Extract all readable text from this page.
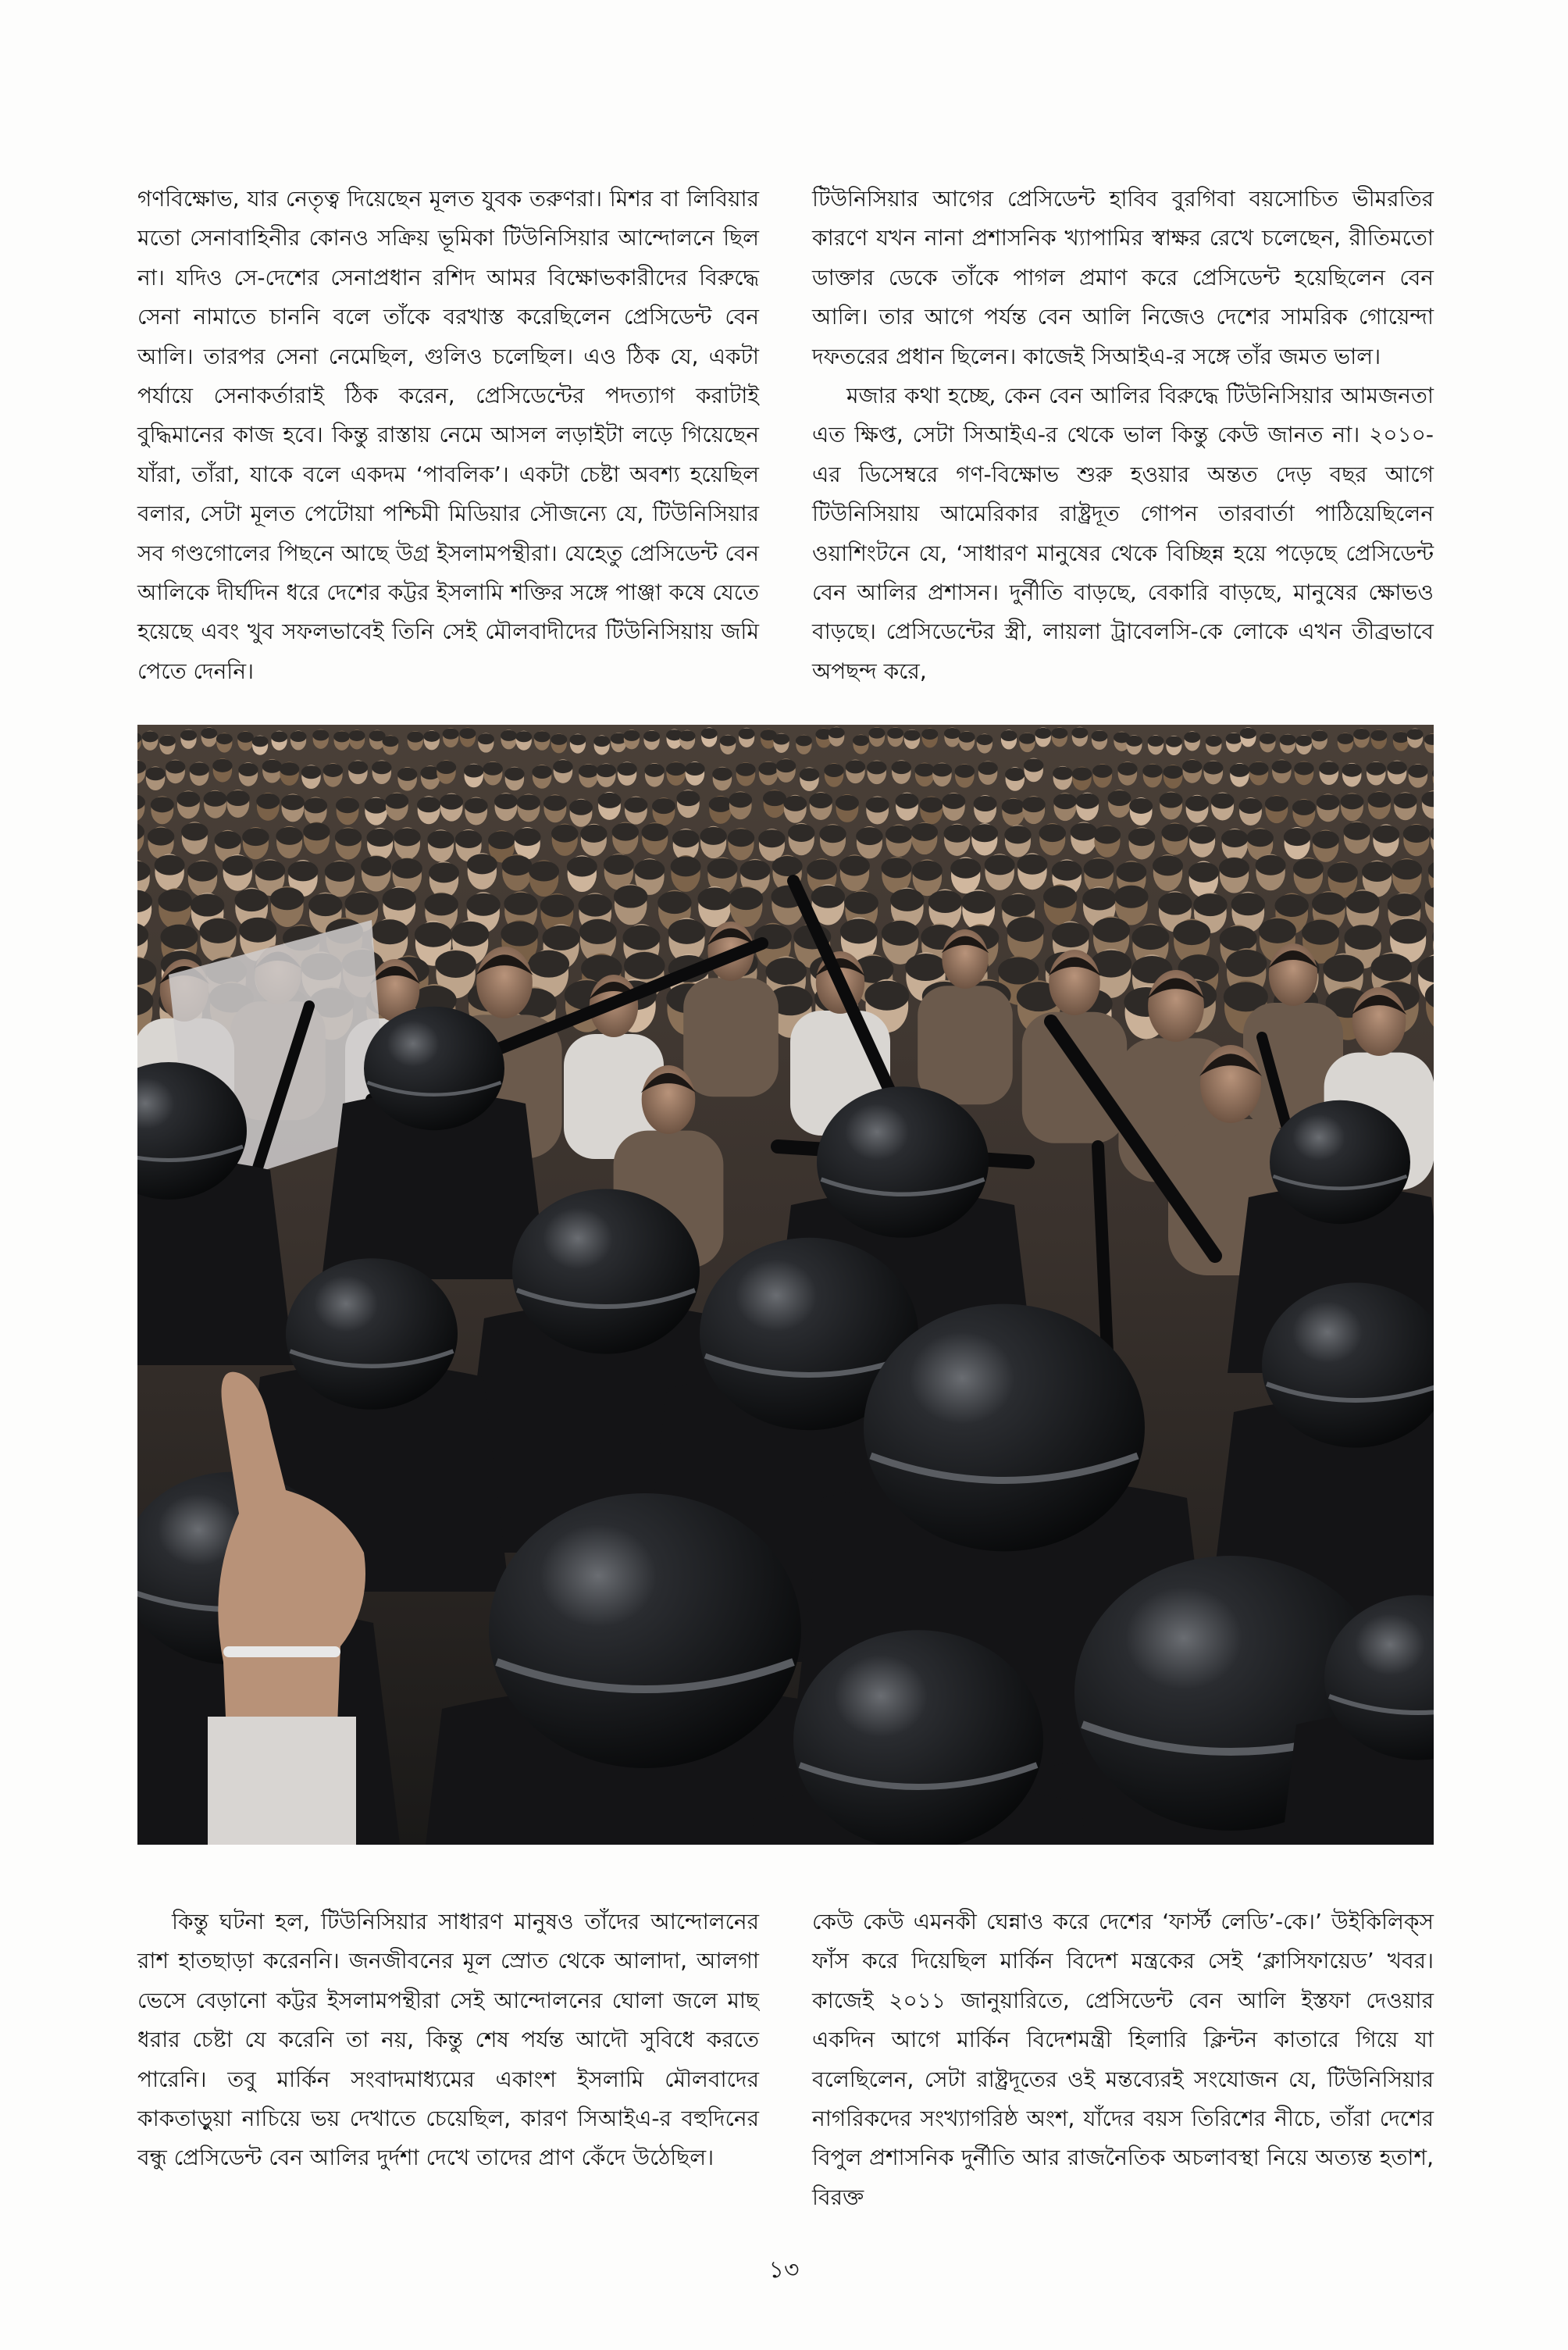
গণবিক্ষোভ, যার নেতৃত্ব দিয়েছেন মূলত যুবক তরুণরা। মিশর বা লিবিয়ার মতো সেনাবাহিনীর কোনও সক্রিয় ভূমিকা টিউনিসিয়ার আন্দোলনে ছিল না। যদিও সে-দেশের সেনাপ্রধান রশিদ আমর বিক্ষোভকারীদের বিরুদ্ধে সেনা নামাতে চাননি বলে তাঁকে বরখাস্ত করেছিলেন প্রেসিডেন্ট বেন আলি। তারপর সেনা নেমেছিল, গুলিও চলেছিল। এও ঠিক যে, একটা পর্যায়ে সেনাকর্তারাই ঠিক করেন, প্রেসিডেন্টের পদত্যাগ করাটাই বুদ্ধিমানের কাজ হবে। কিন্তু রাস্তায় নেমে আসল লড়াইটা লড়ে গিয়েছেন যাঁরা, তাঁরা, যাকে বলে একদম ‘পাবলিক’। একটা চেষ্টা অবশ্য হয়েছিল বলার, সেটা মূলত পেটোয়া পশ্চিমী মিডিয়ার সৌজন্যে যে, টিউনিসিয়ার সব গণ্ডগোলের পিছনে আছে উগ্র ইসলামপন্থীরা। যেহেতু প্রেসিডেন্ট বেন আলিকে দীর্ঘদিন ধরে দেশের কট্টর ইসলামি শক্তির সঙ্গে পাঞ্জা কষে যেতে হয়েছে এবং খুব সফলভাবেই তিনি সেই মৌলবাদীদের টিউনিসিয়ায় জমি পেতে দেননি।

টিউনিসিয়ার আগের প্রেসিডেন্ট হাবিব বুরগিবা বয়সোচিত ভীমরতির কারণে যখন নানা প্রশাসনিক খ্যাপামির স্বাক্ষর রেখে চলেছেন, রীতিমতো ডাক্তার ডেকে তাঁকে পাগল প্রমাণ করে প্রেসিডেন্ট হয়েছিলেন বেন আলি। তার আগে পর্যন্ত বেন আলি নিজেও দেশের সামরিক গোয়েন্দা দফতরের প্রধান ছিলেন। কাজেই সিআইএ-র সঙ্গে তাঁর জমত ভাল।

মজার কথা হচ্ছে, কেন বেন আলির বিরুদ্ধে টিউনিসিয়ার আমজনতা এত ক্ষিপ্ত, সেটা সিআইএ-র থেকে ভাল কিন্তু কেউ জানত না। ২০১০-এর ডিসেম্বরে গণ-বিক্ষোভ শুরু হওয়ার অন্তত দেড় বছর আগে টিউনিসিয়ায় আমেরিকার রাষ্ট্রদূত গোপন তারবার্তা পাঠিয়েছিলেন ওয়াশিংটনে যে, ‘সাধারণ মানুষের থেকে বিচ্ছিন্ন হয়ে পড়েছে প্রেসিডেন্ট বেন আলির প্রশাসন। দুর্নীতি বাড়ছে, বেকারি বাড়ছে, মানুষের ক্ষোভও বাড়ছে। প্রেসিডেন্টের স্ত্রী, লায়লা ট্রাবেলসি-কে লোকে এখন তীব্রভাবে অপছন্দ করে,

কিন্তু ঘটনা হল, টিউনিসিয়ার সাধারণ মানুষও তাঁদের আন্দোলনের রাশ হাতছাড়া করেননি। জনজীবনের মূল স্রোত থেকে আলাদা, আলগা ভেসে বেড়ানো কট্টর ইসলামপন্থীরা সেই আন্দোলনের ঘোলা জলে মাছ ধরার চেষ্টা যে করেনি তা নয়, কিন্তু শেষ পর্যন্ত আদৌ সুবিধে করতে পারেনি। তবু মার্কিন সংবাদমাধ্যমের একাংশ ইসলামি মৌলবাদের কাকতাড়ুয়া নাচিয়ে ভয় দেখাতে চেয়েছিল, কারণ সিআইএ-র বহুদিনের বন্ধু প্রেসিডেন্ট বেন আলির দুর্দশা দেখে তাদের প্রাণ কেঁদে উঠেছিল।

কেউ কেউ এমনকী ঘেন্নাও করে দেশের ‘ফার্স্ট লেডি’-কে।’ উইকিলিক্‌স ফাঁস করে দিয়েছিল মার্কিন বিদেশ মন্ত্রকের সেই ‘ক্লাসিফায়েড’ খবর। কাজেই ২০১১ জানুয়ারিতে, প্রেসিডেন্ট বেন আলি ইস্তফা দেওয়ার একদিন আগে মার্কিন বিদেশমন্ত্রী হিলারি ক্লিন্টন কাতারে গিয়ে যা বলেছিলেন, সেটা রাষ্ট্রদূতের ওই মন্তব্যেরই সংযোজন যে, টিউনিসিয়ার নাগরিকদের সংখ্যাগরিষ্ঠ অংশ, যাঁদের বয়স তিরিশের নীচে, তাঁরা দেশের বিপুল প্রশাসনিক দুর্নীতি আর রাজনৈতিক অচলাবস্থা নিয়ে অত্যন্ত হতাশ, বিরক্ত

১৩
